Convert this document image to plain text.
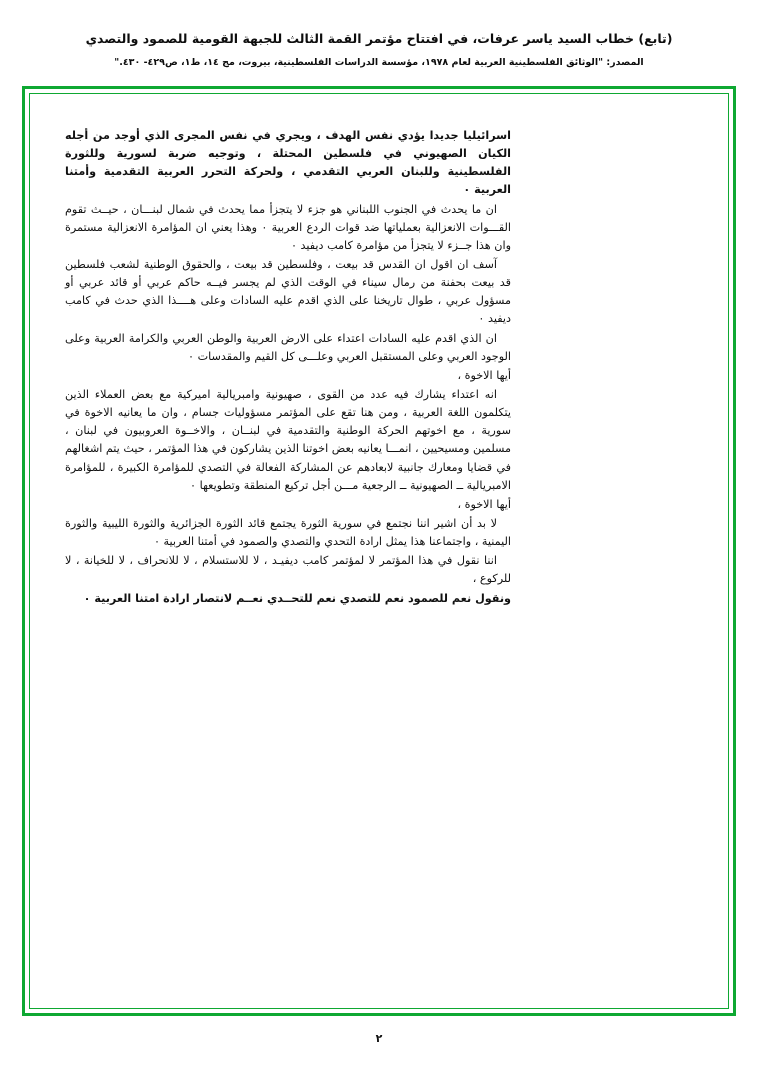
(تابع) خطاب السيد ياسر عرفات، في افتتاح مؤتمر القمة الثالث للجبهة القومية للصمود والتصدي
المصدر: "الوثائق الفلسطينية العربية لعام ١٩٧٨، مؤسسة الدراسات الفلسطينية، بيروت، مج ١٤، ط١، ص٤٢٩- ٤٣٠."

اسرائيليا جديدا يؤدي نفس الهدف ، ويجري في نفس المجرى الذي أوجد من أجله الكيان الصهيوني في فلسطين المحتلة ، وتوجيه ضربة لسورية وللثورة الفلسطينية وللبنان العربي التقدمي ، ولحركة التحرر العربية التقدمية وأمتنا العربية ٠

ان ما يحدث في الجنوب اللبناني هو جزء لا يتجزأ مما يحدث في شمال لبنـــان ، حيــث تقوم القـــوات الانعزالية بعملياتها ضد قوات الردع العربية ٠ وهذا يعني ان المؤامرة الانعزالية مستمرة وان هذا جــزء لا يتجزأ من مؤامرة كامب ديفيد ٠

آسف ان اقول ان القدس قد بيعت ، وفلسطين قد بيعت ، والحقوق الوطنية لشعب فلسطين قد بيعت بحفنة من رمال سيناء في الوقت الذي لم يجسر فيــه حاكم عربي أو قائد عربي أو مسؤول عربي ، طوال تاريخنا على الذي اقدم عليه السادات وعلى هــــذا الذي حدث في كامب ديفيد ٠

ان الذي اقدم عليه السادات اعتداء على الارض العربية والوطن العربي والكرامة العربية وعلى الوجود العربي وعلى المستقبل العربي وعلـــى كل القيم والمقدسات ٠

أيها الاخوة ،

انه اعتداء يشارك فيه عدد من القوى ، صهيونية وامبريالية اميركية مع بعض العملاء الذين يتكلمون اللغة العربية ، ومن هنا تقع على المؤتمر مسؤوليات جسام ، وان ما يعانيه الاخوة في سورية ، مع اخوتهم الحركة الوطنية والتقدمية في لبنــان ، والاخــوة العروبيون في لبنان ، مسلمين ومسيحيين ، انمـــا يعانيه بعض اخوتنا الذين يشاركون في هذا المؤتمر ، حيث يتم اشغالهم في قضايا ومعارك جانبية لابعادهم عن المشاركة الفعالة في التصدي للمؤامرة الكبيرة ، للمؤامرة الامبريالية ــ الصهيونية ــ الرجعية مـــن أجل تركيع المنطقة وتطويعها ٠

أيها الاخوة ،

لا بد أن اشير اننا نجتمع في سورية الثورة يجتمع قائد الثورة الجزائرية والثورة الليبية والثورة اليمنية ، واجتماعنا هذا يمثل ارادة التحدي والتصدي والصمود في أمتنا العربية ٠

اننا نقول في هذا المؤتمر لا لمؤتمر كامب ديفيـد ، لا للاستسلام ، لا للانحراف ، لا للخيانة ، لا للركوع ،

ونقول نعم للصمود نعم للتصدي نعم للتحــدي نعــم لانتصار ارادة امتنا العربية ٠

٢
